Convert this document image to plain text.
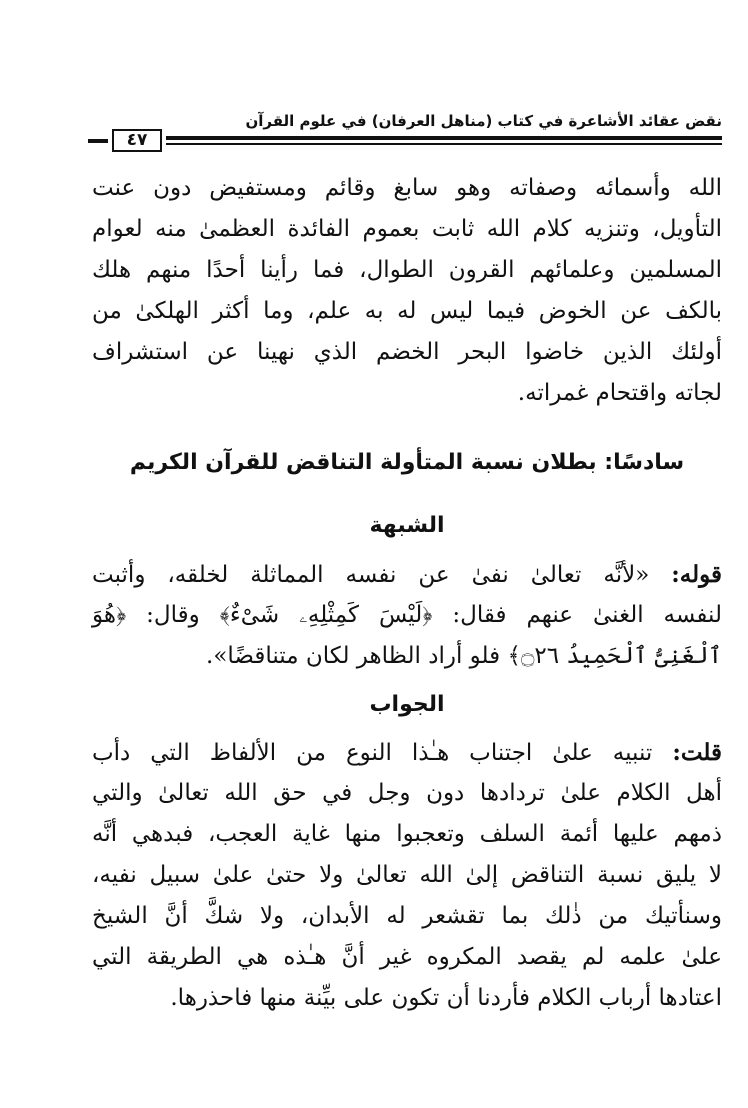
نقض عقائد الأشاعرة في كتاب (مناهل العرفان) في علوم القرآن
٤٧
الله وأسمائه وصفاته وهو سابغ وقائم ومستفيض دون عنت
التأويل، وتنزيه كلام الله ثابت بعموم الفائدة العظمىٰ منه لعوام
المسلمين وعلمائهم القرون الطوال، فما رأينا أحدًا منهم هلك
بالكف عن الخوض فيما ليس له به علم، وما أكثر الهلكىٰ من
أولئك الذين خاضوا البحر الخضم الذي نهينا عن استشراف
لجاته واقتحام غمراته.
سادسًا: بطلان نسبة المتأولة التناقض للقرآن الكريم
الشبهة
قوله: «لأنَّه تعالىٰ نفىٰ عن نفسه المماثلة لخلقه، وأثبت
لنفسه الغنىٰ عنهم فقال: ﴿لَيْسَ كَمِثْلِهِۦ شَىْءٌ﴾ وقال: ﴿هُوَ
ٱلْغَنِىُّ ٱلْحَمِيدُ ۝٢٦﴾ فلو أراد الظاهر لكان متناقضًا».
الجواب
قلت: تنبيه علىٰ اجتناب هـٰذا النوع من الألفاظ التي دأب
أهل الكلام علىٰ تردادها دون وجل في حق الله تعالىٰ والتي
ذمهم عليها أئمة السلف وتعجبوا منها غاية العجب، فبدهي أنَّه
لا يليق نسبة التناقض إلىٰ الله تعالىٰ ولا حتىٰ علىٰ سبيل نفيه،
وسنأتيك من ذٰلك بما تقشعر له الأبدان، ولا شكَّ أنَّ الشيخ
علىٰ علمه لم يقصد المكروه غير أنَّ هـٰذه هي الطريقة التي
اعتادها أرباب الكلام فأردنا أن تكون على بيِّنة منها فاحذرها.
